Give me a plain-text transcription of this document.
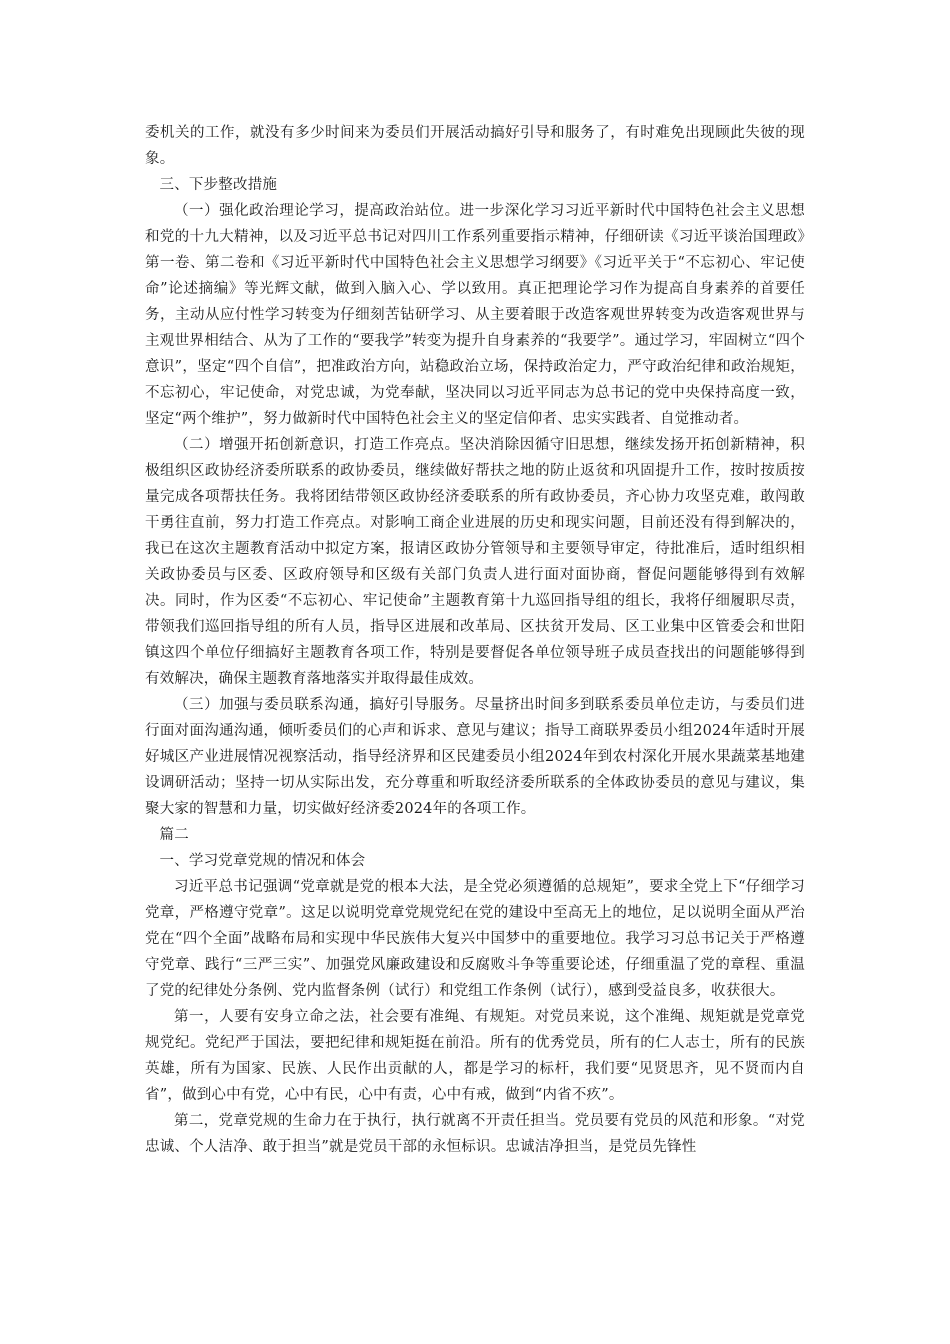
委机关的工作，就没有多少时间来为委员们开展活动搞好引导和服务了，有时难免出现顾此失彼的现象。

三、下步整改措施

（一）强化政治理论学习，提高政治站位。进一步深化学习习近平新时代中国特色社会主义思想和党的十九大精神，以及习近平总书记对四川工作系列重要指示精神，仔细研读《习近平谈治国理政》第一卷、第二卷和《习近平新时代中国特色社会主义思想学习纲要》《习近平关于“不忘初心、牢记使命”论述摘编》等光辉文献，做到入脑入心、学以致用。真正把理论学习作为提高自身素养的首要任务，主动从应付性学习转变为仔细刻苦钻研学习、从主要着眼于改造客观世界转变为改造客观世界与主观世界相结合、从为了工作的“要我学”转变为提升自身素养的“我要学”。通过学习，牢固树立“四个意识”，坚定“四个自信”，把准政治方向，站稳政治立场，保持政治定力，严守政治纪律和政治规矩，不忘初心，牢记使命，对党忠诚，为党奉献，坚决同以习近平同志为总书记的党中央保持高度一致，坚定“两个维护”，努力做新时代中国特色社会主义的坚定信仰者、忠实实践者、自觉推动者。

（二）增强开拓创新意识，打造工作亮点。坚决消除因循守旧思想，继续发扬开拓创新精神，积极组织区政协经济委所联系的政协委员，继续做好帮扶之地的防止返贫和巩固提升工作，按时按质按量完成各项帮扶任务。我将团结带领区政协经济委联系的所有政协委员，齐心协力攻坚克难，敢闯敢干勇往直前，努力打造工作亮点。对影响工商企业进展的历史和现实问题，目前还没有得到解决的，我已在这次主题教育活动中拟定方案，报请区政协分管领导和主要领导审定，待批准后，适时组织相关政协委员与区委、区政府领导和区级有关部门负责人进行面对面协商，督促问题能够得到有效解决。同时，作为区委“不忘初心、牢记使命”主题教育第十九巡回指导组的组长，我将仔细履职尽责，带领我们巡回指导组的所有人员，指导区进展和改革局、区扶贫开发局、区工业集中区管委会和世阳镇这四个单位仔细搞好主题教育各项工作，特别是要督促各单位领导班子成员查找出的问题能够得到有效解决，确保主题教育落地落实并取得最佳成效。

（三）加强与委员联系沟通，搞好引导服务。尽量挤出时间多到联系委员单位走访，与委员们进行面对面沟通沟通，倾听委员们的心声和诉求、意见与建议；指导工商联界委员小组2024年适时开展好城区产业进展情况视察活动，指导经济界和区民建委员小组2024年到农村深化开展水果蔬菜基地建设调研活动；坚持一切从实际出发，充分尊重和听取经济委所联系的全体政协委员的意见与建议，集聚大家的智慧和力量，切实做好经济委2024年的各项工作。

篇二

一、学习党章党规的情况和体会

习近平总书记强调“党章就是党的根本大法，是全党必须遵循的总规矩”，要求全党上下“仔细学习党章，严格遵守党章”。这足以说明党章党规党纪在党的建设中至高无上的地位，足以说明全面从严治党在“四个全面”战略布局和实现中华民族伟大复兴中国梦中的重要地位。我学习习总书记关于严格遵守党章、践行“三严三实”、加强党风廉政建设和反腐败斗争等重要论述，仔细重温了党的章程、重温了党的纪律处分条例、党内监督条例（试行）和党组工作条例（试行），感到受益良多，收获很大。

第一，人要有安身立命之法，社会要有准绳、有规矩。对党员来说，这个准绳、规矩就是党章党规党纪。党纪严于国法，要把纪律和规矩挺在前沿。所有的优秀党员，所有的仁人志士，所有的民族英雄，所有为国家、民族、人民作出贡献的人，都是学习的标杆，我们要“见贤思齐，见不贤而内自省”，做到心中有党，心中有民，心中有责，心中有戒，做到“内省不疚”。

第二，党章党规的生命力在于执行，执行就离不开责任担当。党员要有党员的风范和形象。“对党忠诚、个人洁净、敢于担当”就是党员干部的永恒标识。忠诚洁净担当，是党员先锋性
